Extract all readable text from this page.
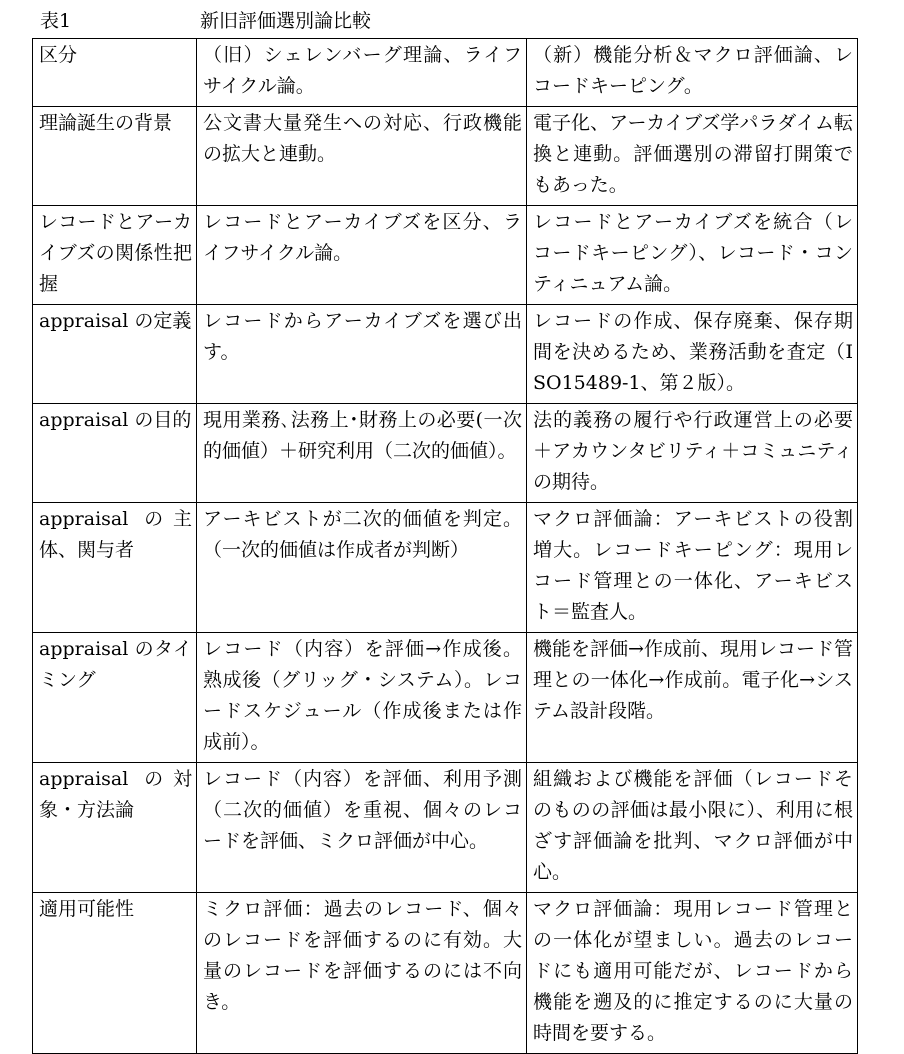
表1	新旧評価選別論比較
区分	（旧）シェレンバーグ理論、ライフサイクル論。	（新）機能分析＆マクロ評価論、レコードキーピング。
理論誕生の背景	公文書大量発生への対応、行政機能の拡大と連動。	電子化、アーカイブズ学パラダイム転換と連動。評価選別の滞留打開策でもあった。
レコードとアーカイブズの関係性把握	レコードとアーカイブズを区分、ライフサイクル論。	レコードとアーカイブズを統合（レコードキーピング）、レコード・コンティニュアム論。
appraisal の定義	レコードからアーカイブズを選び出す。	レコードの作成、保存廃棄、保存期間を決めるため、業務活動を査定（ISO15489-1、第２版）。
appraisal の目的	現用業務､法務上･財務上の必要(一次的価値）＋研究利用（二次的価値）。	法的義務の履行や行政運営上の必要＋アカウンタビリティ＋コミュニティの期待。
appraisal の主体、関与者	アーキビストが二次的価値を判定。（一次的価値は作成者が判断）	マクロ評価論：アーキビストの役割増大。レコードキーピング：現用レコード管理との一体化、アーキビスト＝監査人。
appraisal のタイミング	レコード（内容）を評価→作成後。熟成後（グリッグ・システム）。レコードスケジュール（作成後または作成前）。	機能を評価→作成前、現用レコード管理との一体化→作成前。電子化→システム設計段階。
appraisal の対象・方法論	レコード（内容）を評価、利用予測（二次的価値）を重視、個々のレコードを評価、ミクロ評価が中心。	組織および機能を評価（レコードそのものの評価は最小限に）、利用に根ざす評価論を批判、マクロ評価が中心。
適用可能性	ミクロ評価：過去のレコード、個々のレコードを評価するのに有効。大量のレコードを評価するのには不向き。	マクロ評価論：現用レコード管理との一体化が望ましい。過去のレコードにも適用可能だが、レコードから機能を遡及的に推定するのに大量の時間を要する。
